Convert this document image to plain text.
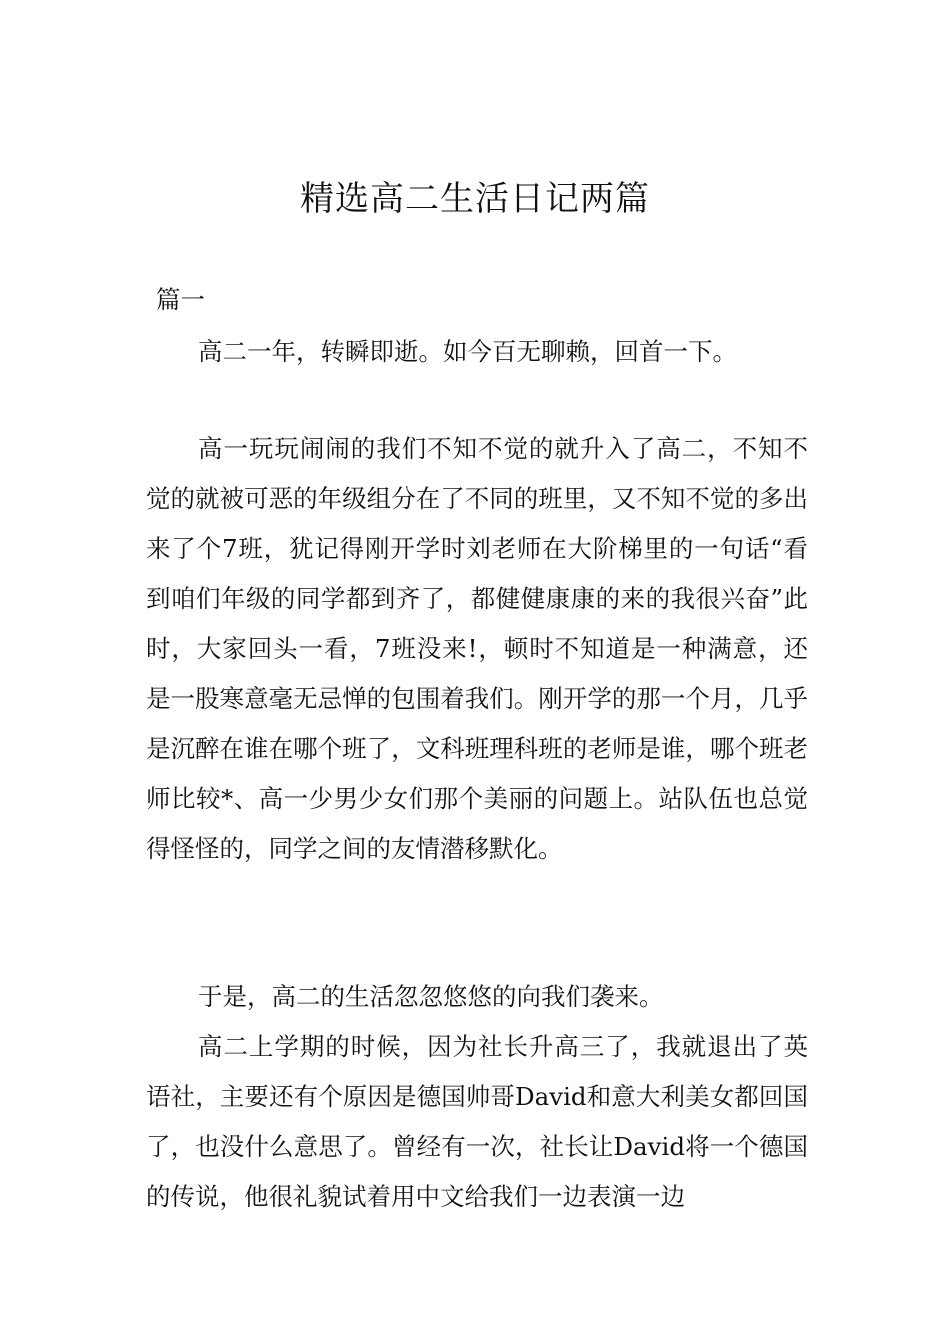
精选高二生活日记两篇

篇一

高二一年，转瞬即逝。如今百无聊赖，回首一下。

高一玩玩闹闹的我们不知不觉的就升入了高二，不知不觉的就被可恶的年级组分在了不同的班里，又不知不觉的多出来了个7班，犹记得刚开学时刘老师在大阶梯里的一句话“看到咱们年级的同学都到齐了，都健健康康的来的我很兴奋”此时，大家回头一看，7班没来!，顿时不知道是一种满意，还是一股寒意毫无忌惮的包围着我们。刚开学的那一个月，几乎是沉醉在谁在哪个班了，文科班理科班的老师是谁，哪个班老师比较*、高一少男少女们那个美丽的问题上。站队伍也总觉得怪怪的，同学之间的友情潜移默化。

于是，高二的生活忽忽悠悠的向我们袭来。

高二上学期的时候，因为社长升高三了，我就退出了英语社，主要还有个原因是德国帅哥David和意大利美女都回国了，也没什么意思了。曾经有一次，社长让David将一个德国的传说，他很礼貌试着用中文给我们一边表演一边
